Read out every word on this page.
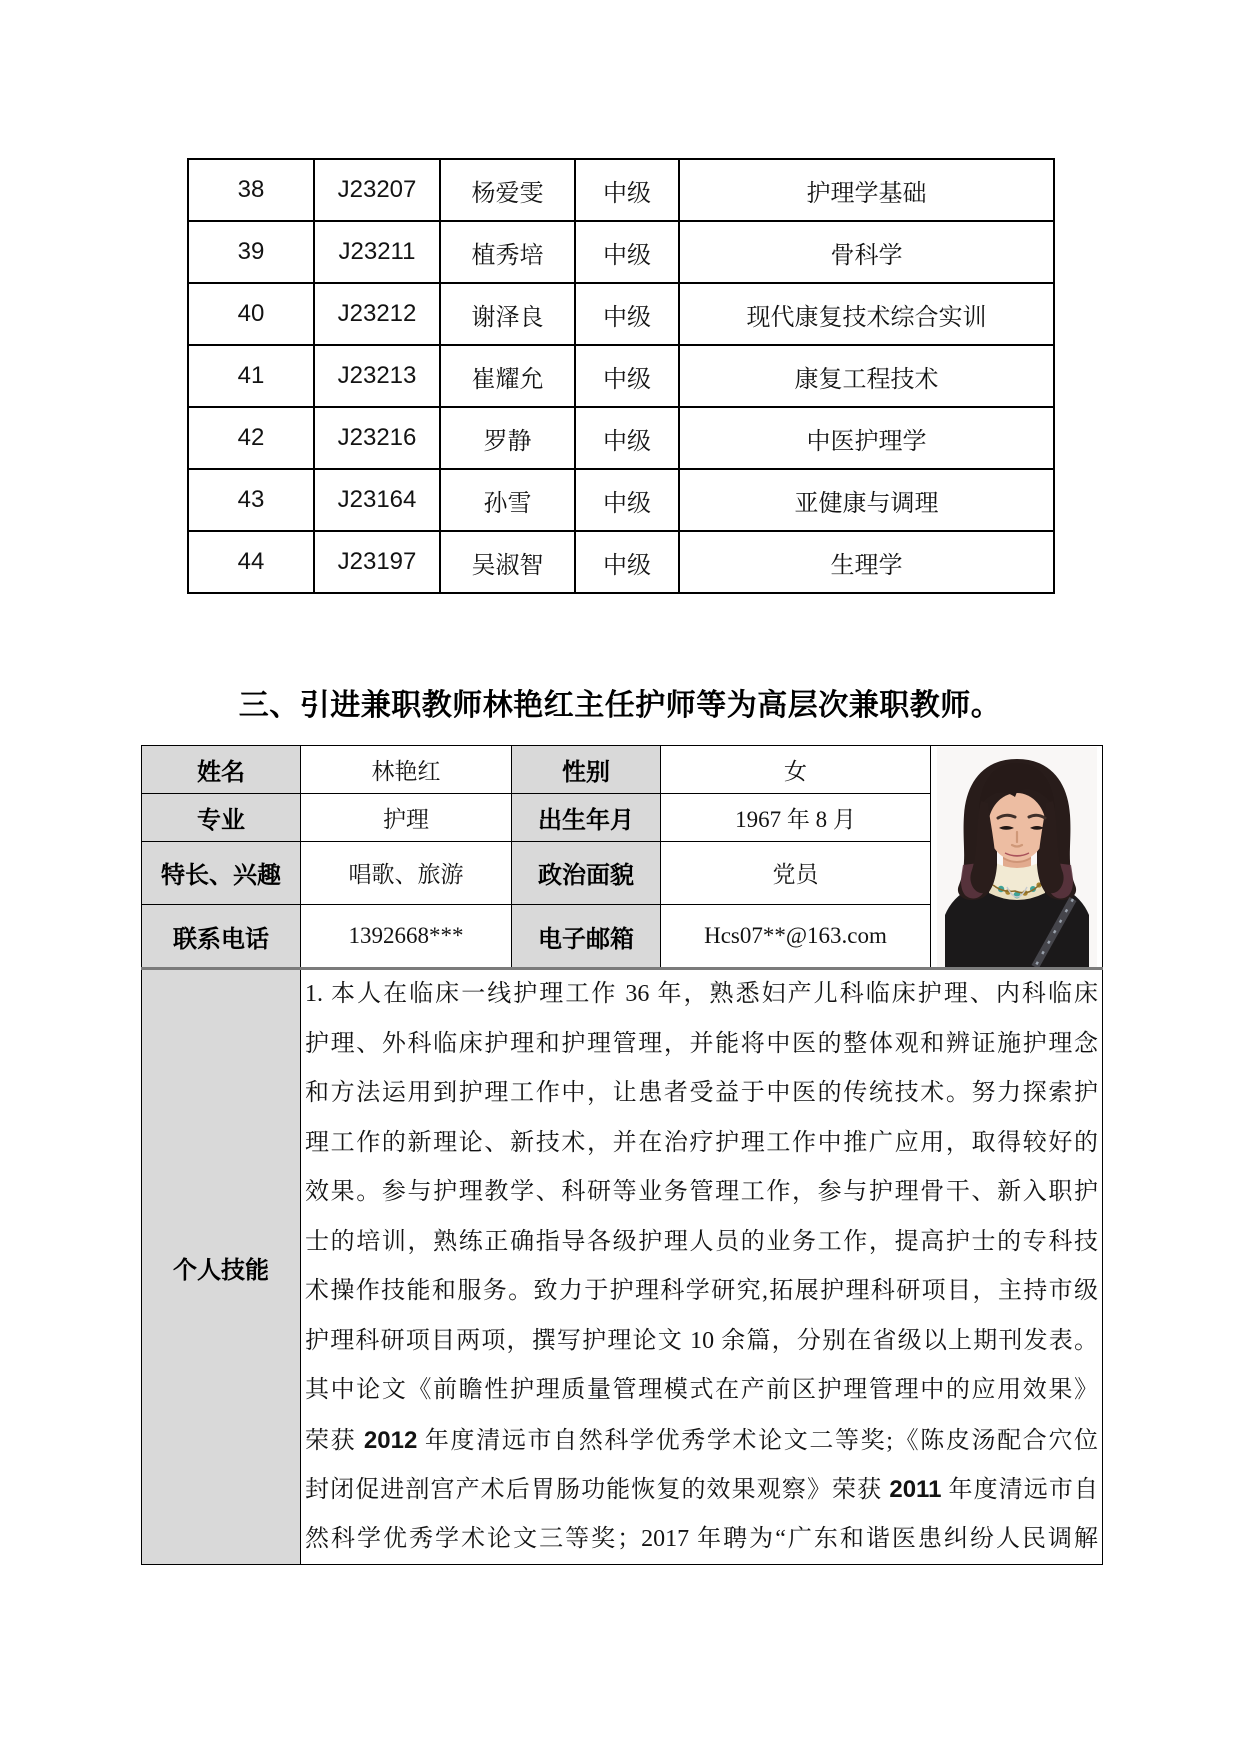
38	J23207	杨爱雯	中级	护理学基础
39	J23211	植秀培	中级	骨科学
40	J23212	谢泽良	中级	现代康复技术综合实训
41	J23213	崔耀允	中级	康复工程技术
42	J23216	罗静	中级	中医护理学
43	J23164	孙雪	中级	亚健康与调理
44	J23197	吴淑智	中级	生理学
三、引进兼职教师林艳红主任护师等为高层次兼职教师。
姓名	林艳红	性别	女	

专业	护理	出生年月	1967 年 8 月	
特长、兴趣	唱歌、旅游	政治面貌	党员	
联系电话	1392668***	电子邮箱	Hcs07**@163.com	
个人技能	
1. 本人在临床一线护理工作 36 年，熟悉妇产儿科临床护理、内科临床
护理、外科临床护理和护理管理，并能将中医的整体观和辨证施护理念
和方法运用到护理工作中，让患者受益于中医的传统技术。努力探索护
理工作的新理论、新技术，并在治疗护理工作中推广应用，取得较好的
效果。参与护理教学、科研等业务管理工作，参与护理骨干、新入职护
士的培训，熟练正确指导各级护理人员的业务工作，提高护士的专科技
术操作技能和服务。致力于护理科学研究,拓展护理科研项目，主持市级
护理科研项目两项，撰写护理论文 10 余篇，分别在省级以上期刊发表。
其中论文《前瞻性护理质量管理模式在产前区护理管理中的应用效果》
荣获 2012 年度清远市自然科学优秀学术论文二等奖;《陈皮汤配合穴位
封闭促进剖宫产术后胃肠功能恢复的效果观察》荣获 2011 年度清远市自
然科学优秀学术论文三等奖；2017 年聘为“广东和谐医患纠纷人民调解
